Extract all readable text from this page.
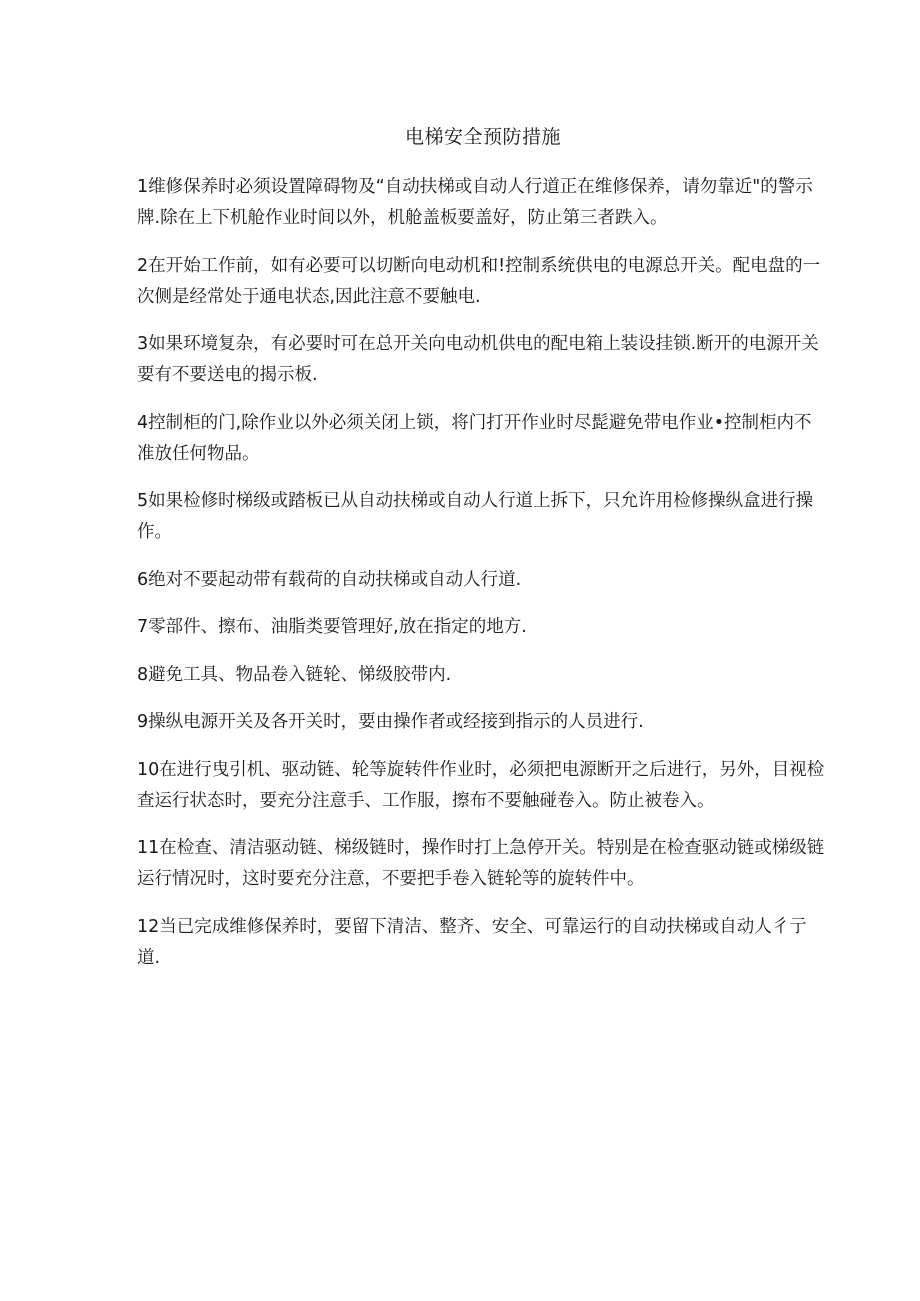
电梯安全预防措施
1维修保养时必须设置障碍物及“自动扶梯或自动人行道正在维修保养，请勿靠近"的警示牌.除在上下机舱作业时间以外，机舱盖板要盖好，防止第三者跌入。
2在开始工作前，如有必要可以切断向电动机和!控制系统供电的电源总开关。配电盘的一次侧是经常处于通电状态,因此注意不要触电.
3如果环境复杂，有必要时可在总开关向电动机供电的配电箱上装设挂锁.断开的电源开关要有不要送电的揭示板.
4控制柜的门,除作业以外必须关闭上锁，将门打开作业时尽髭避免带电作业•控制柜内不准放任何物品。
5如果检修时梯级或踏板已从自动扶梯或自动人行道上拆下，只允许用检修操纵盒进行操作。
6绝对不要起动带有载荷的自动扶梯或自动人行道.
7零部件、擦布、油脂类要管理好,放在指定的地方.
8避免工具、物品卷入链轮、悌级胶带内.
9操纵电源开关及各开关时，要由操作者或经接到指示的人员进行.
10在进行曳引机、驱动链、轮等旋转件作业时，必须把电源断开之后进行，另外，目视检查运行状态时，要充分注意手、工作服，擦布不要触碰卷入。防止被卷入。
11在检查、清洁驱动链、梯级链时，操作时打上急停开关。特别是在检查驱动链或梯级链运行情况时，这时要充分注意，不要把手卷入链轮等的旋转件中。
12当已完成维修保养时，要留下清洁、整齐、安全、可靠运行的自动扶梯或自动人彳亍道.
